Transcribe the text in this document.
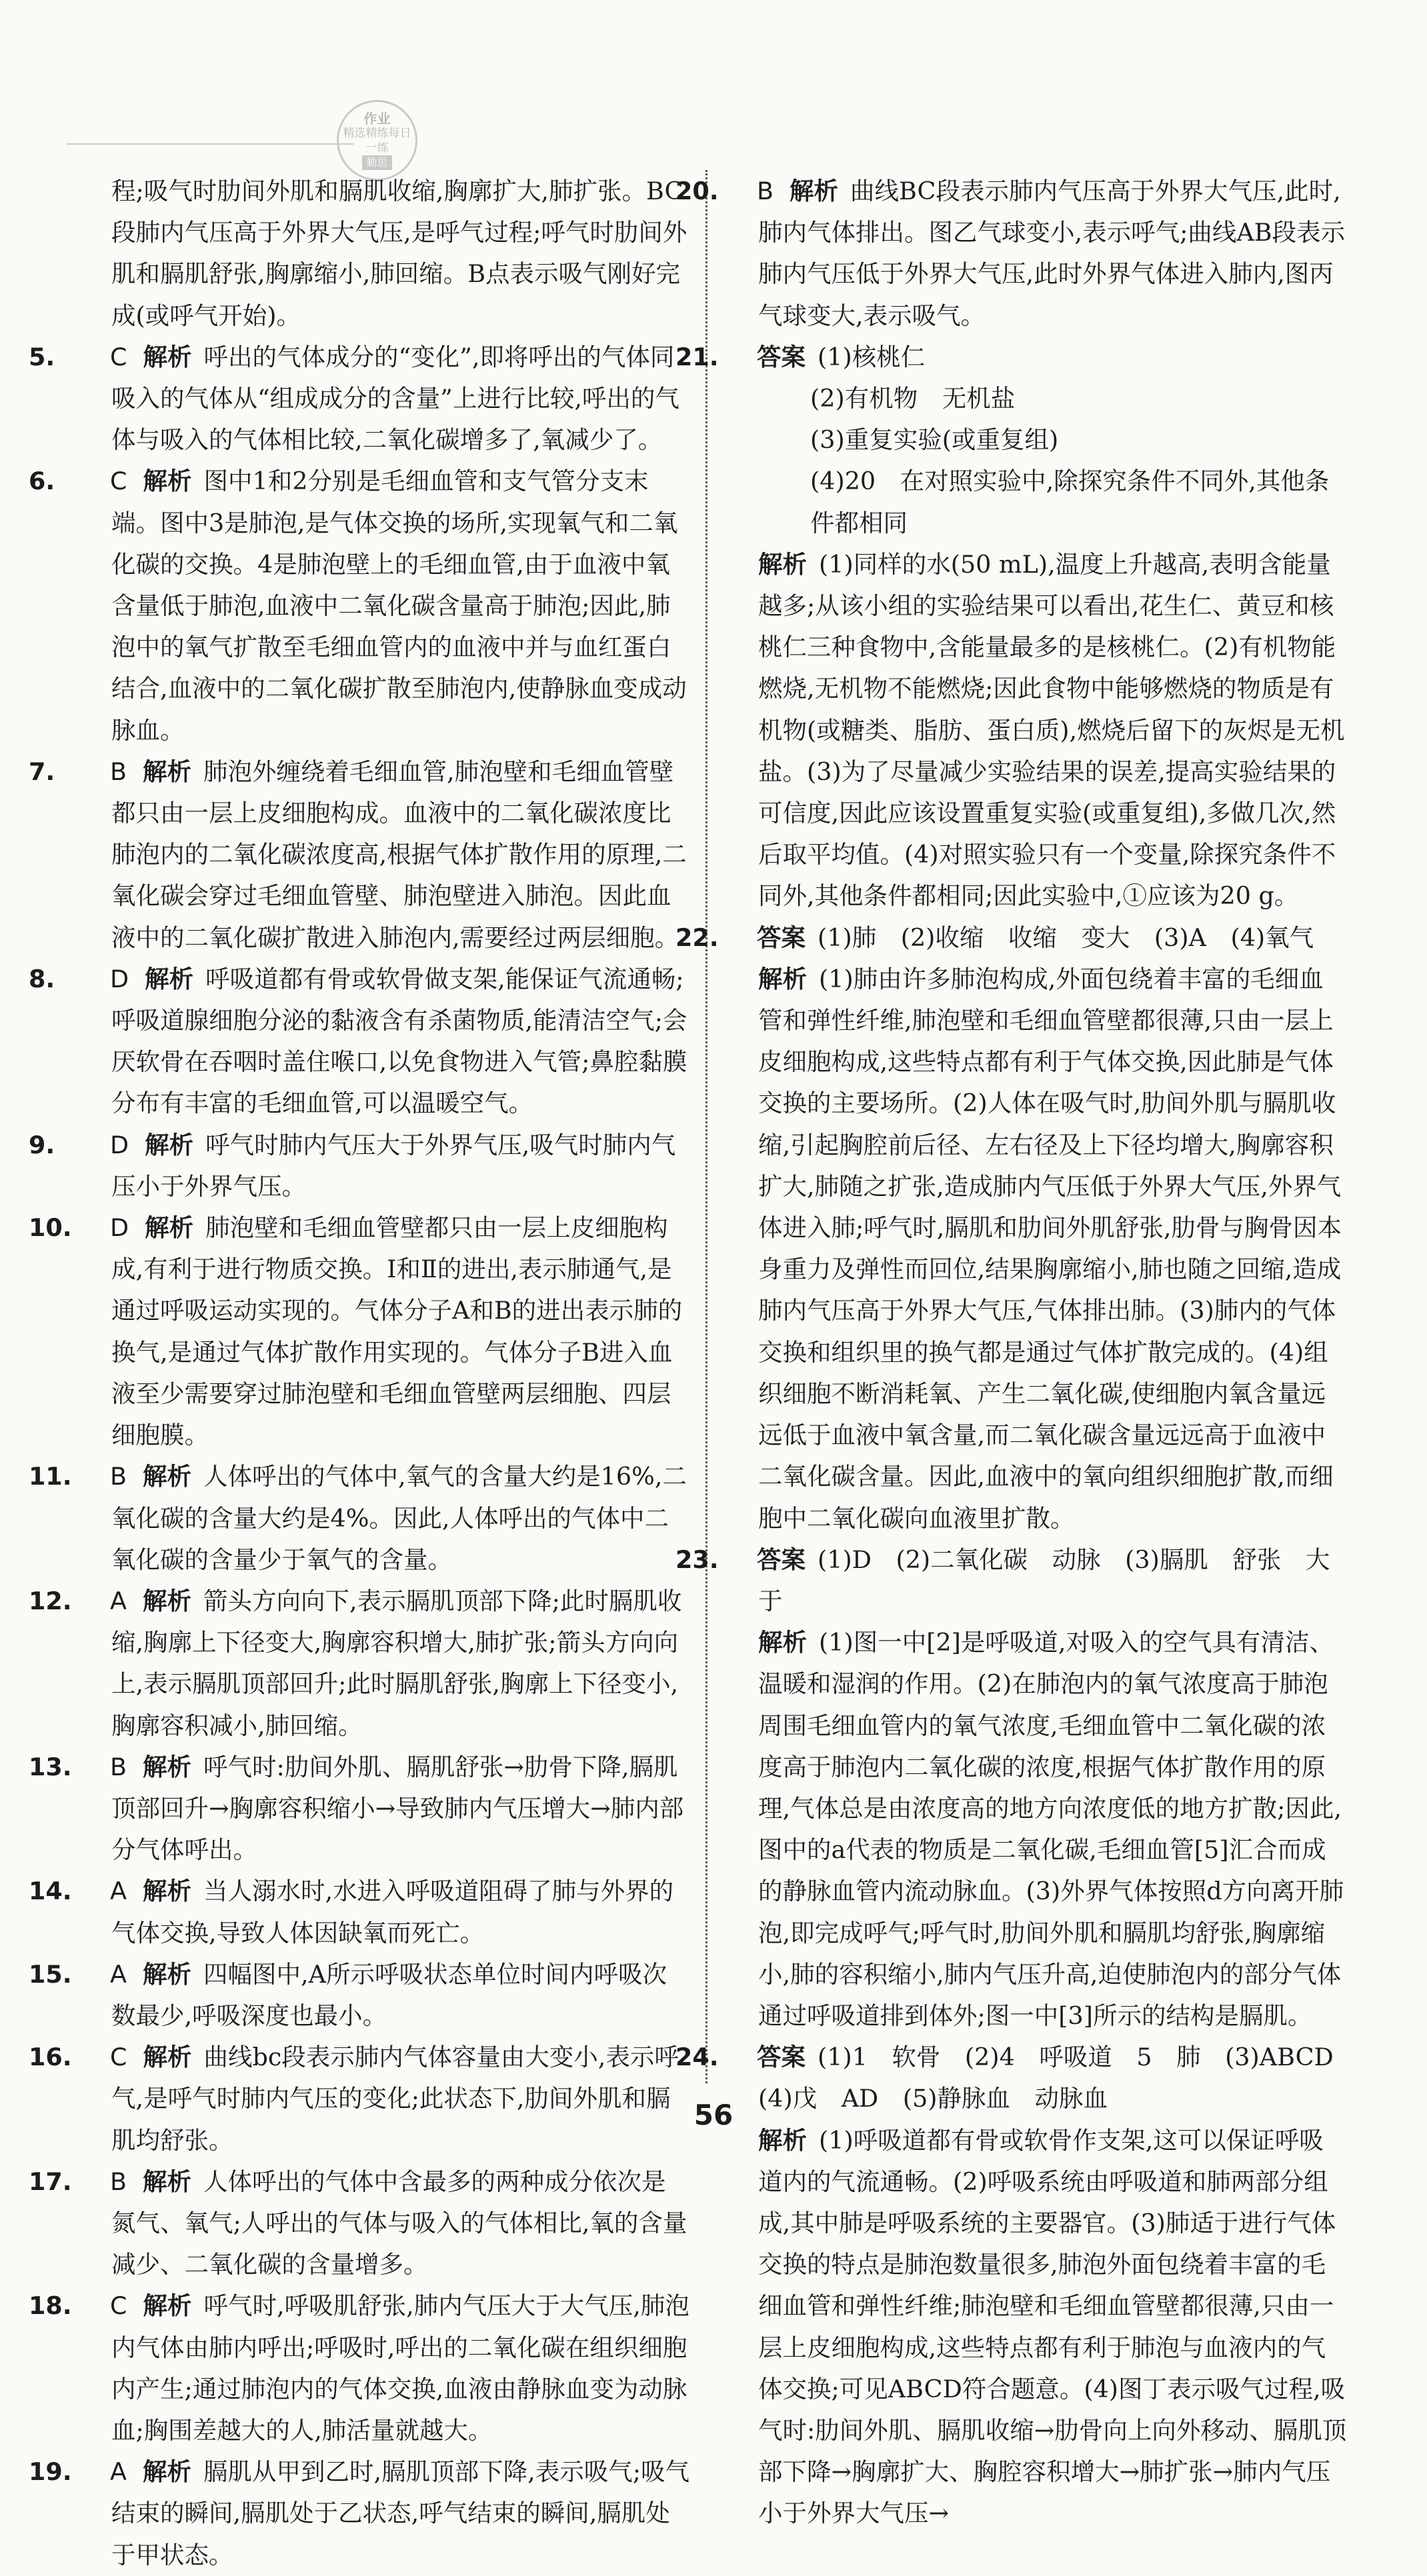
作业
精选精练每日一练
勤思

程;吸气时肋间外肌和膈肌收缩,胸廓扩大,肺扩张。BC段肺内气压高于外界大气压,是呼气过程;呼气时肋间外肌和膈肌舒张,胸廓缩小,肺回缩。B点表示吸气刚好完成(或呼气开始)。

5. C 解析 呼出的气体成分的“变化”,即将呼出的气体同吸入的气体从“组成成分的含量”上进行比较,呼出的气体与吸入的气体相比较,二氧化碳增多了,氧减少了。

6. C 解析 图中1和2分别是毛细血管和支气管分支末端。图中3是肺泡,是气体交换的场所,实现氧气和二氧化碳的交换。4是肺泡壁上的毛细血管,由于血液中氧含量低于肺泡,血液中二氧化碳含量高于肺泡;因此,肺泡中的氧气扩散至毛细血管内的血液中并与血红蛋白结合,血液中的二氧化碳扩散至肺泡内,使静脉血变成动脉血。

7. B 解析 肺泡外缠绕着毛细血管,肺泡壁和毛细血管壁都只由一层上皮细胞构成。血液中的二氧化碳浓度比肺泡内的二氧化碳浓度高,根据气体扩散作用的原理,二氧化碳会穿过毛细血管壁、肺泡壁进入肺泡。因此血液中的二氧化碳扩散进入肺泡内,需要经过两层细胞。

8. D 解析 呼吸道都有骨或软骨做支架,能保证气流通畅;呼吸道腺细胞分泌的黏液含有杀菌物质,能清洁空气;会厌软骨在吞咽时盖住喉口,以免食物进入气管;鼻腔黏膜分布有丰富的毛细血管,可以温暖空气。

9. D 解析 呼气时肺内气压大于外界气压,吸气时肺内气压小于外界气压。

10. D 解析 肺泡壁和毛细血管壁都只由一层上皮细胞构成,有利于进行物质交换。Ⅰ和Ⅱ的进出,表示肺通气,是通过呼吸运动实现的。气体分子A和B的进出表示肺的换气,是通过气体扩散作用实现的。气体分子B进入血液至少需要穿过肺泡壁和毛细血管壁两层细胞、四层细胞膜。

11. B 解析 人体呼出的气体中,氧气的含量大约是16%,二氧化碳的含量大约是4%。因此,人体呼出的气体中二氧化碳的含量少于氧气的含量。

12. A 解析 箭头方向向下,表示膈肌顶部下降;此时膈肌收缩,胸廓上下径变大,胸廓容积增大,肺扩张;箭头方向向上,表示膈肌顶部回升;此时膈肌舒张,胸廓上下径变小,胸廓容积减小,肺回缩。

13. B 解析 呼气时:肋间外肌、膈肌舒张→肋骨下降,膈肌顶部回升→胸廓容积缩小→导致肺内气压增大→肺内部分气体呼出。

14. A 解析 当人溺水时,水进入呼吸道阻碍了肺与外界的气体交换,导致人体因缺氧而死亡。

15. A 解析 四幅图中,A所示呼吸状态单位时间内呼吸次数最少,呼吸深度也最小。

16. C 解析 曲线bc段表示肺内气体容量由大变小,表示呼气,是呼气时肺内气压的变化;此状态下,肋间外肌和膈肌均舒张。

17. B 解析 人体呼出的气体中含最多的两种成分依次是氮气、氧气;人呼出的气体与吸入的气体相比,氧的含量减少、二氧化碳的含量增多。

18. C 解析 呼气时,呼吸肌舒张,肺内气压大于大气压,肺泡内气体由肺内呼出;呼吸时,呼出的二氧化碳在组织细胞内产生;通过肺泡内的气体交换,血液由静脉血变为动脉血;胸围差越大的人,肺活量就越大。

19. A 解析 膈肌从甲到乙时,膈肌顶部下降,表示吸气;吸气结束的瞬间,膈肌处于乙状态,呼气结束的瞬间,膈肌处于甲状态。

20. B 解析 曲线BC段表示肺内气压高于外界大气压,此时,肺内气体排出。图乙气球变小,表示呼气;曲线AB段表示肺内气压低于外界大气压,此时外界气体进入肺内,图丙气球变大,表示吸气。

21. 答案 (1)核桃仁

(2)有机物　无机盐

(3)重复实验(或重复组)

(4)20　在对照实验中,除探究条件不同外,其他条件都相同

解析 (1)同样的水(50 mL),温度上升越高,表明含能量越多;从该小组的实验结果可以看出,花生仁、黄豆和核桃仁三种食物中,含能量最多的是核桃仁。(2)有机物能燃烧,无机物不能燃烧;因此食物中能够燃烧的物质是有机物(或糖类、脂肪、蛋白质),燃烧后留下的灰烬是无机盐。(3)为了尽量减少实验结果的误差,提高实验结果的可信度,因此应该设置重复实验(或重复组),多做几次,然后取平均值。(4)对照实验只有一个变量,除探究条件不同外,其他条件都相同;因此实验中,①应该为20 g。

22. 答案 (1)肺　(2)收缩　收缩　变大　(3)A　(4)氧气

解析 (1)肺由许多肺泡构成,外面包绕着丰富的毛细血管和弹性纤维,肺泡壁和毛细血管壁都很薄,只由一层上皮细胞构成,这些特点都有利于气体交换,因此肺是气体交换的主要场所。(2)人体在吸气时,肋间外肌与膈肌收缩,引起胸腔前后径、左右径及上下径均增大,胸廓容积扩大,肺随之扩张,造成肺内气压低于外界大气压,外界气体进入肺;呼气时,膈肌和肋间外肌舒张,肋骨与胸骨因本身重力及弹性而回位,结果胸廓缩小,肺也随之回缩,造成肺内气压高于外界大气压,气体排出肺。(3)肺内的气体交换和组织里的换气都是通过气体扩散完成的。(4)组织细胞不断消耗氧、产生二氧化碳,使细胞内氧含量远远低于血液中氧含量,而二氧化碳含量远远高于血液中二氧化碳含量。因此,血液中的氧向组织细胞扩散,而细胞中二氧化碳向血液里扩散。

23. 答案 (1)D　(2)二氧化碳　动脉　(3)膈肌　舒张　大于

解析 (1)图一中[2]是呼吸道,对吸入的空气具有清洁、温暖和湿润的作用。(2)在肺泡内的氧气浓度高于肺泡周围毛细血管内的氧气浓度,毛细血管中二氧化碳的浓度高于肺泡内二氧化碳的浓度,根据气体扩散作用的原理,气体总是由浓度高的地方向浓度低的地方扩散;因此,图中的a代表的物质是二氧化碳,毛细血管[5]汇合而成的静脉血管内流动脉血。(3)外界气体按照d方向离开肺泡,即完成呼气;呼气时,肋间外肌和膈肌均舒张,胸廓缩小,肺的容积缩小,肺内气压升高,迫使肺泡内的部分气体通过呼吸道排到体外;图一中[3]所示的结构是膈肌。

24. 答案 (1)1　软骨　(2)4　呼吸道　5　肺　(3)ABCD

(4)戊　AD　(5)静脉血　动脉血

解析 (1)呼吸道都有骨或软骨作支架,这可以保证呼吸道内的气流通畅。(2)呼吸系统由呼吸道和肺两部分组成,其中肺是呼吸系统的主要器官。(3)肺适于进行气体交换的特点是肺泡数量很多,肺泡外面包绕着丰富的毛细血管和弹性纤维;肺泡壁和毛细血管壁都很薄,只由一层上皮细胞构成,这些特点都有利于肺泡与血液内的气体交换;可见ABCD符合题意。(4)图丁表示吸气过程,吸气时:肋间外肌、膈肌收缩→肋骨向上向外移动、膈肌顶部下降→胸廓扩大、胸腔容积增大→肺扩张→肺内气压小于外界大气压→

56
